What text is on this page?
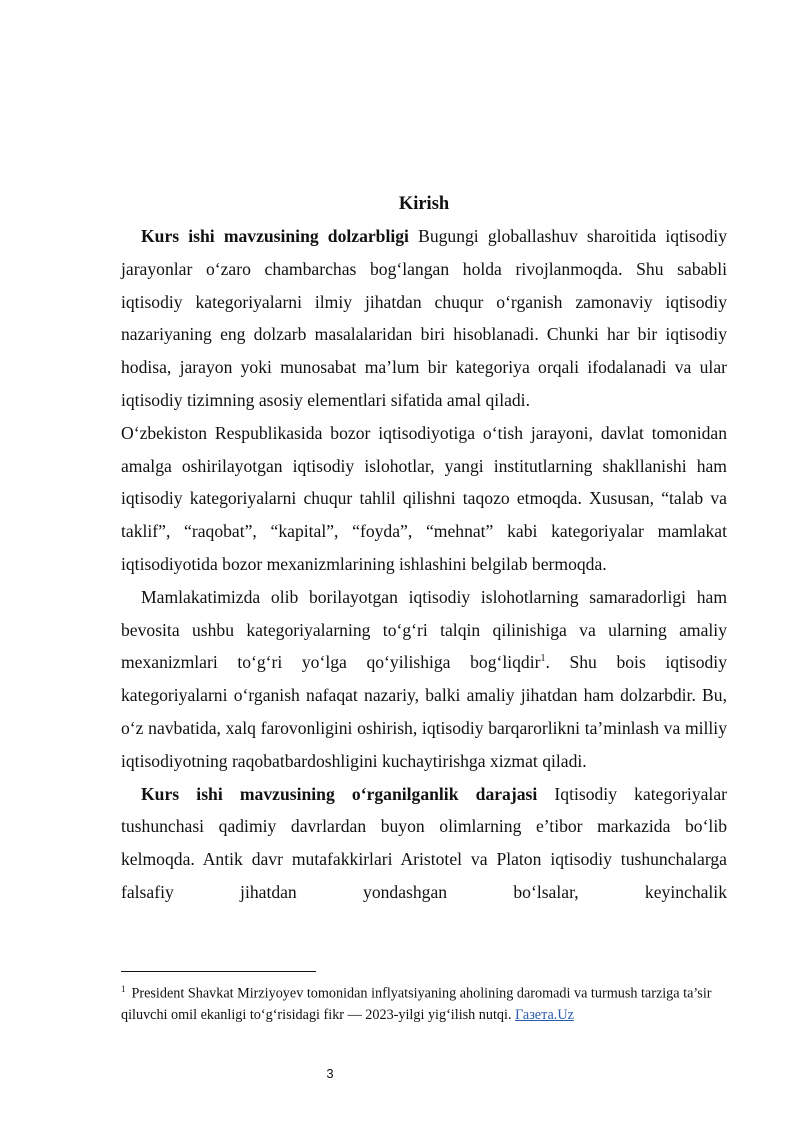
Kirish

Kurs ishi mavzusining dolzarbligi Bugungi globallashuv sharoitida iqtisodiy jarayonlar o‘zaro chambarchas bog‘langan holda rivojlanmoqda. Shu sababli iqtisodiy kategoriyalarni ilmiy jihatdan chuqur o‘rganish zamonaviy iqtisodiy nazariyaning eng dolzarb masalalaridan biri hisoblanadi. Chunki har bir iqtisodiy hodisa, jarayon yoki munosabat ma’lum bir kategoriya orqali ifodalanadi va ular iqtisodiy tizimning asosiy elementlari sifatida amal qiladi.

O‘zbekiston Respublikasida bozor iqtisodiyotiga o‘tish jarayoni, davlat tomonidan amalga oshirilayotgan iqtisodiy islohotlar, yangi institutlarning shakllanishi ham iqtisodiy kategoriyalarni chuqur tahlil qilishni taqozo etmoqda. Xususan, “talab va taklif”, “raqobat”, “kapital”, “foyda”, “mehnat” kabi kategoriyalar mamlakat iqtisodiyotida bozor mexanizmlarining ishlashini belgilab bermoqda.

Mamlakatimizda olib borilayotgan iqtisodiy islohotlarning samaradorligi ham bevosita ushbu kategoriyalarning to‘g‘ri talqin qilinishiga va ularning amaliy mexanizmlari to‘g‘ri yo‘lga qo‘yilishiga bog‘liqdir$^1$. Shu bois iqtisodiy kategoriyalarni o‘rganish nafaqat nazariy, balki amaliy jihatdan ham dolzarbdir. Bu, o‘z navbatida, xalq farovonligini oshirish, iqtisodiy barqarorlikni ta’minlash va milliy iqtisodiyotning raqobatbardoshligini kuchaytirishga xizmat qiladi.

Kurs ishi mavzusining o‘rganilganlik darajasi Iqtisodiy kategoriyalar tushunchasi qadimiy davrlardan buyon olimlarning e’tibor markazida bo‘lib kelmoqda. Antik davr mutafakkirlari Aristotel va Platon iqtisodiy tushunchalarga falsafiy jihatdan yondashgan bo‘lsalar, keyinchalik

$^1$ President Shavkat Mirziyoyev tomonidan inflyatsiyaning aholining daromadi va turmush tarziga ta’sir qiluvchi omil ekanligi to‘g‘risidagi fikr — 2023-yilgi yig‘ilish nutqi. Газета.Uz
3
